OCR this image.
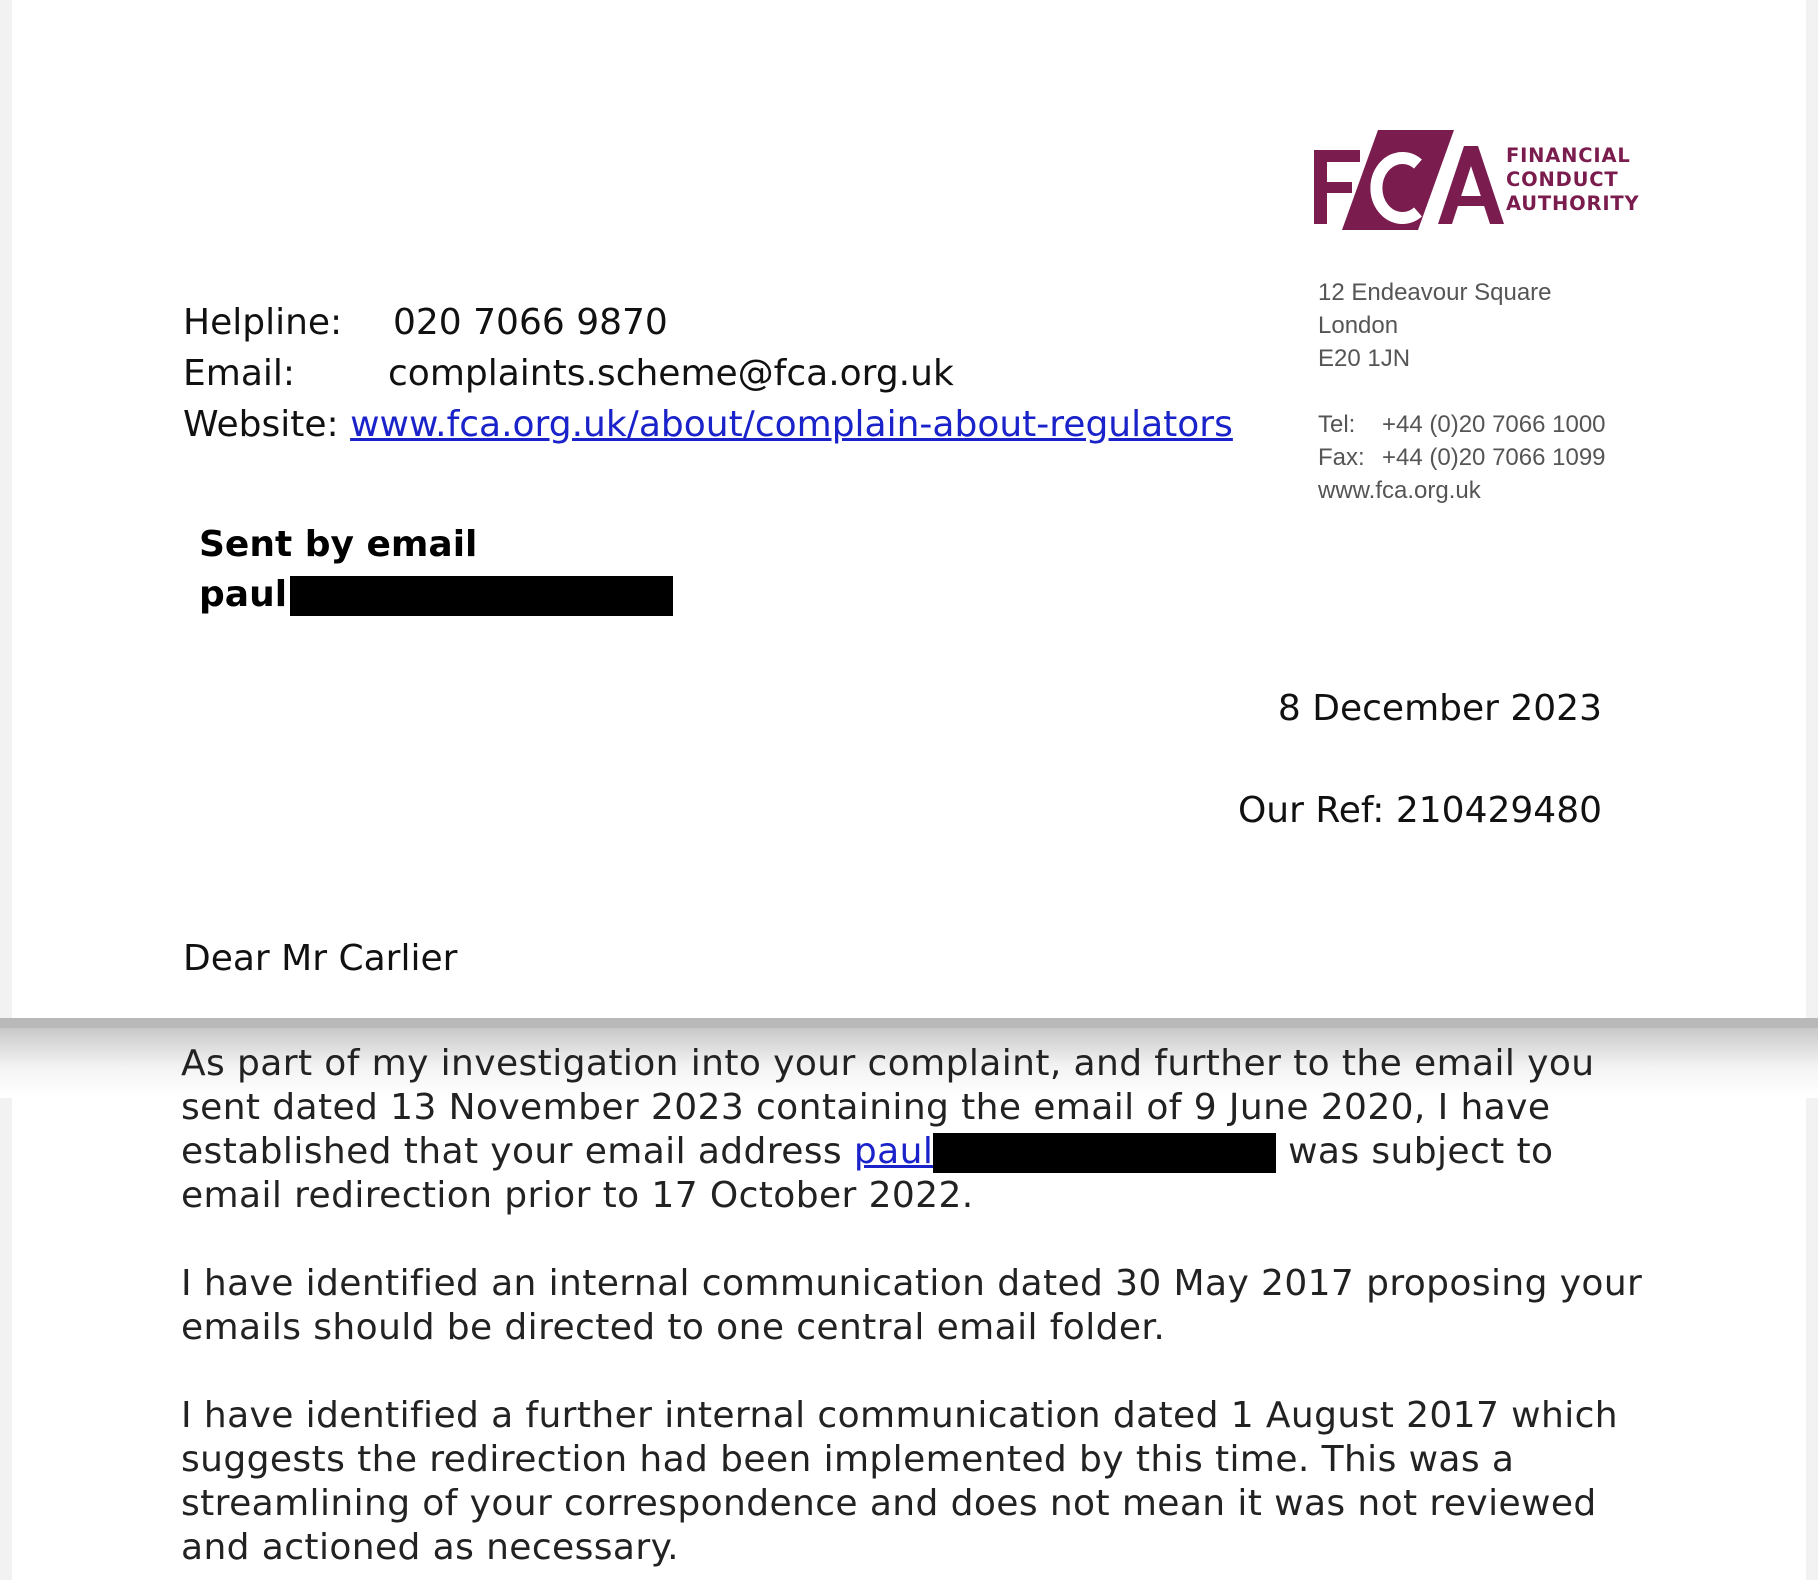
FINANCIAL
CONDUCT
AUTHORITY
12 Endeavour Square
London
E20 1JN
Tel: +44 (0)20 7066 1000
Fax: +44 (0)20 7066 1099
www.fca.org.uk
Helpline: 020 7066 9870
Email:	complaints.scheme@fca.org.uk
Website: www.fca.org.uk/about/complain-about-regulators
Sent by email
paul
8 December 2023
Our Ref: 210429480
Dear Mr Carlier
As part of my investigation into your complaint, and further to the email you
sent dated 13 November 2023 containing the email of 9 June 2020, I have
established that your email address paul	was subject to
email redirection prior to 17 October 2022.
I have identified an internal communication dated 30 May 2017 proposing your
emails should be directed to one central email folder.
I have identified a further internal communication dated 1 August 2017 which
suggests the redirection had been implemented by this time. This was a
streamlining of your correspondence and does not mean it was not reviewed
and actioned as necessary.
